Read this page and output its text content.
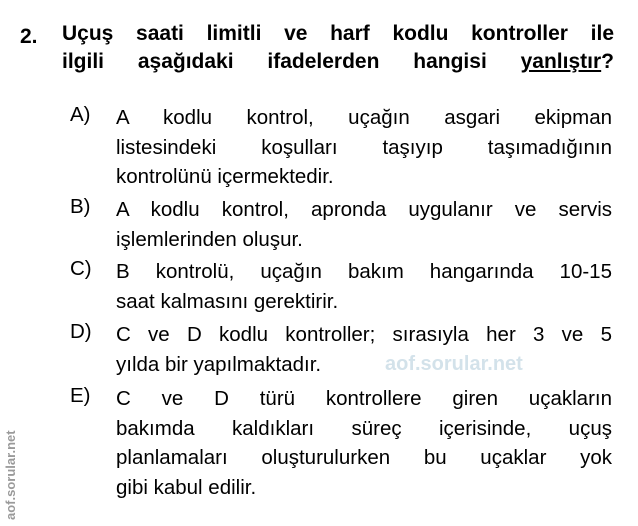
aof.sorular.net
aof.sorular.net
2. Uçuş saati limitli ve harf kodlu kontroller ile
ilgili aşağıdaki ifadelerden hangisi yanlıştır?
A) A kodlu kontrol, uçağın asgari ekipman
listesindeki koşulları taşıyıp taşımadığının
kontrolünü içermektedir.
B) A kodlu kontrol, apronda uygulanır ve servis
işlemlerinden oluşur.
C) B kontrolü, uçağın bakım hangarında 10-15
saat kalmasını gerektirir.
D) C ve D kodlu kontroller; sırasıyla her 3 ve 5
yılda bir yapılmaktadır.
E) C ve D türü kontrollere giren uçakların
bakımda kaldıkları süreç içerisinde, uçuş
planlamaları oluşturulurken bu uçaklar yok
gibi kabul edilir.
